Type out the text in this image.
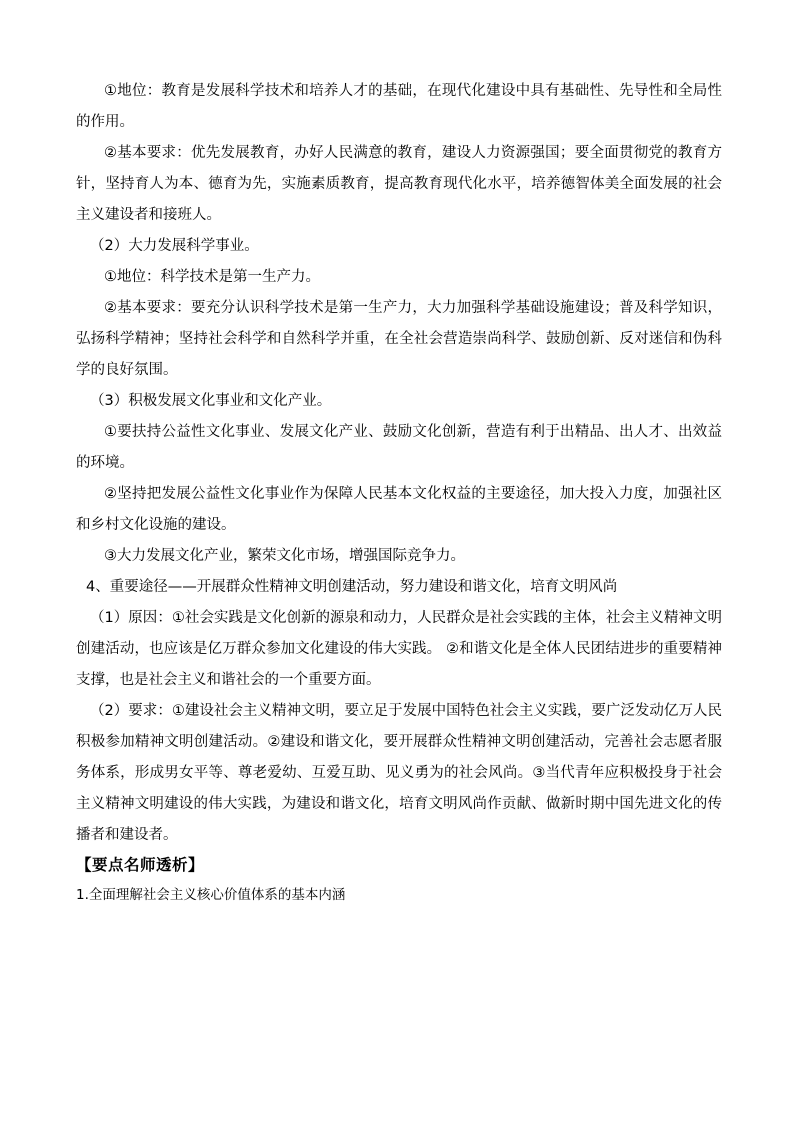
①地位：教育是发展科学技术和培养人才的基础，在现代化建设中具有基础性、先导性和全局性的作用。

②基本要求：优先发展教育，办好人民满意的教育，建设人力资源强国；要全面贯彻党的教育方针，坚持育人为本、德育为先，实施素质教育，提高教育现代化水平，培养德智体美全面发展的社会主义建设者和接班人。

（2）大力发展科学事业。

①地位：科学技术是第一生产力。

②基本要求：要充分认识科学技术是第一生产力，大力加强科学基础设施建设；普及科学知识，弘扬科学精神；坚持社会科学和自然科学并重，在全社会营造崇尚科学、鼓励创新、反对迷信和伪科学的良好氛围。

（3）积极发展文化事业和文化产业。

①要扶持公益性文化事业、发展文化产业、鼓励文化创新，营造有利于出精品、出人才、出效益的环境。

②坚持把发展公益性文化事业作为保障人民基本文化权益的主要途径，加大投入力度，加强社区和乡村文化设施的建设。

③大力发展文化产业，繁荣文化市场，增强国际竞争力。

4、重要途径——开展群众性精神文明创建活动，努力建设和谐文化，培育文明风尚

（1）原因：①社会实践是文化创新的源泉和动力，人民群众是社会实践的主体，社会主义精神文明创建活动，也应该是亿万群众参加文化建设的伟大实践。 ②和谐文化是全体人民团结进步的重要精神支撑，也是社会主义和谐社会的一个重要方面。

（2）要求：①建设社会主义精神文明，要立足于发展中国特色社会主义实践，要广泛发动亿万人民积极参加精神文明创建活动。②建设和谐文化，要开展群众性精神文明创建活动，完善社会志愿者服务体系，形成男女平等、尊老爱幼、互爱互助、见义勇为的社会风尚。③当代青年应积极投身于社会主义精神文明建设的伟大实践，为建设和谐文化，培育文明风尚作贡献、做新时期中国先进文化的传播者和建设者。

【要点名师透析】

1.全面理解社会主义核心价值体系的基本内涵
